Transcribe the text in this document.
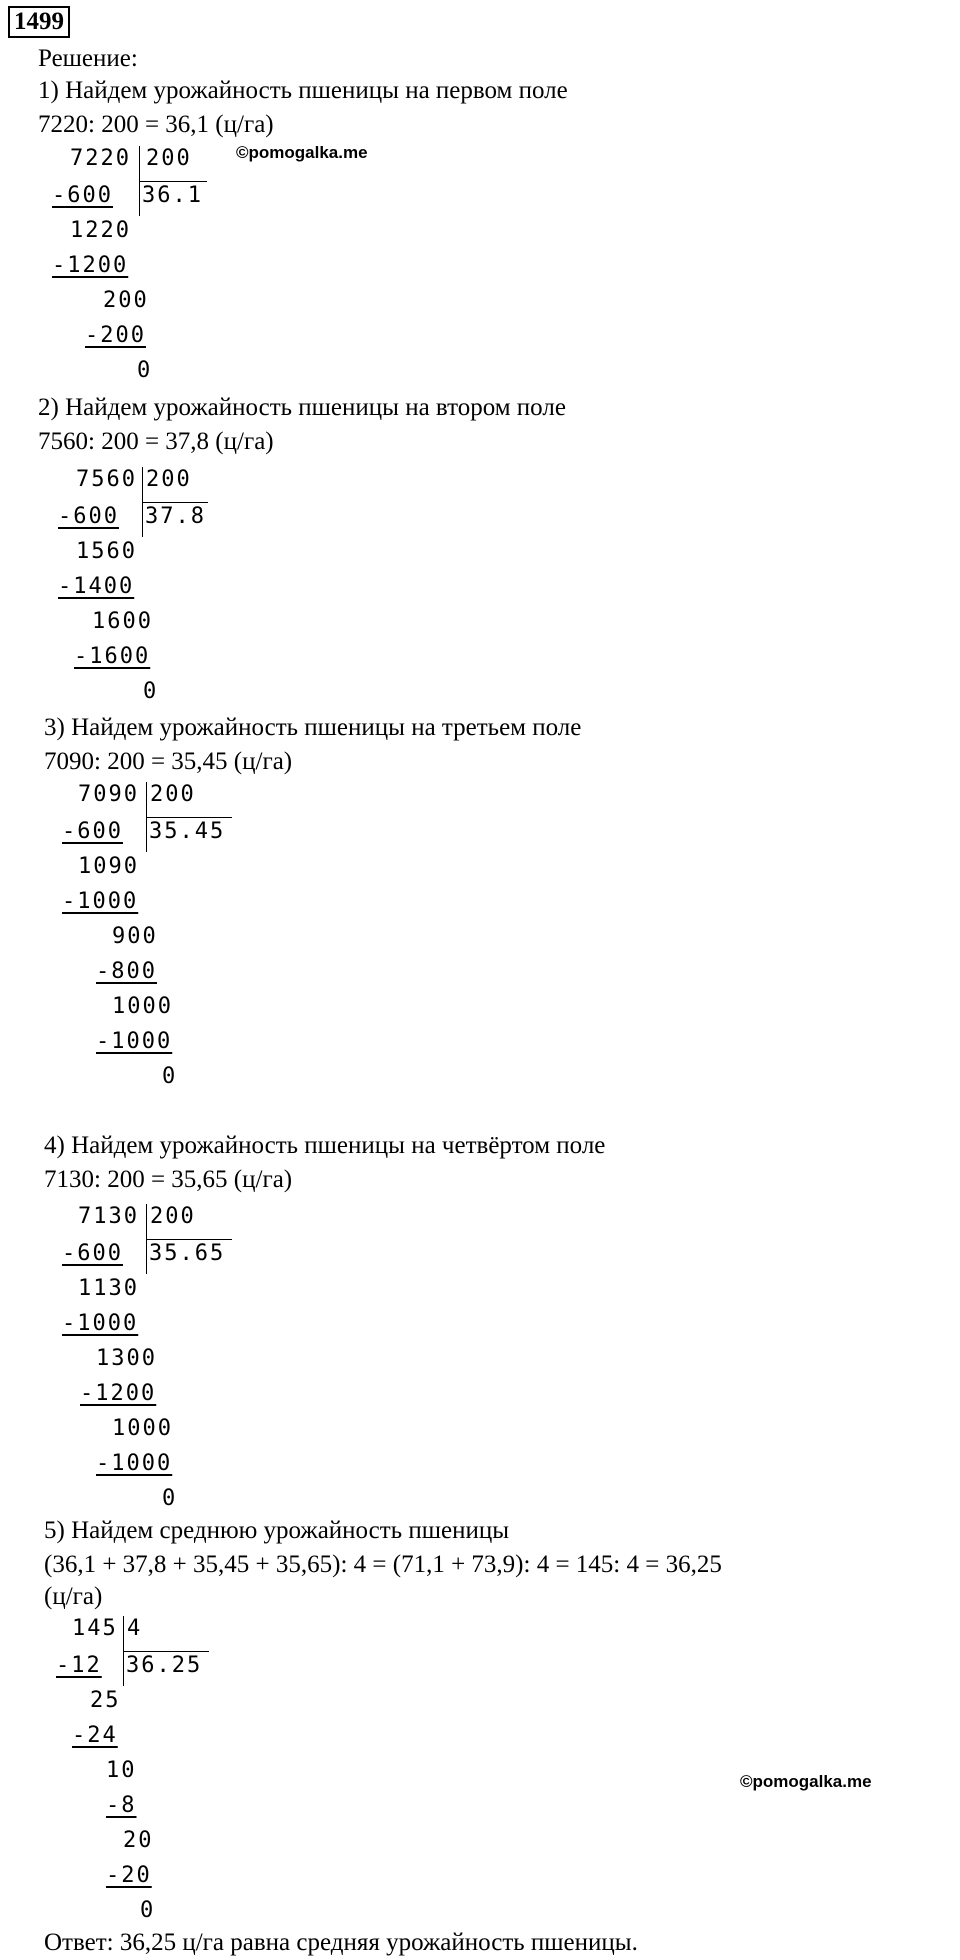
1499
Решение:
©pomogalka.me
©pomogalka.me
1) Найдем урожайность пшеницы на первом поле
7220: 200 = 36,1 (ц/га)
7220 200
36.1
-600
1220
-1200
200
-200
0
2) Найдем урожайность пшеницы на втором поле
7560: 200 = 37,8 (ц/га)
7560 200
37.8
-600
1560
-1400
1600
-1600
0
3) Найдем урожайность пшеницы на третьем поле
7090: 200 = 35,45 (ц/га)
7090 200
35.45
-600
1090
-1000
900
-800
1000
-1000
0
4) Найдем урожайность пшеницы на четвёртом поле
7130: 200 = 35,65 (ц/га)
7130 200
35.65
-600
1130
-1000
1300
-1200
1000
-1000
0
5) Найдем среднюю урожайность пшеницы
(36,1 + 37,8 + 35,45 + 35,65): 4 = (71,1 + 73,9): 4 = 145: 4 = 36,25
(ц/га)
145 4
36.25
-12
25
-24
10
-8
20
-20
0
Ответ: 36,25 ц/га равна средняя урожайность пшеницы.
